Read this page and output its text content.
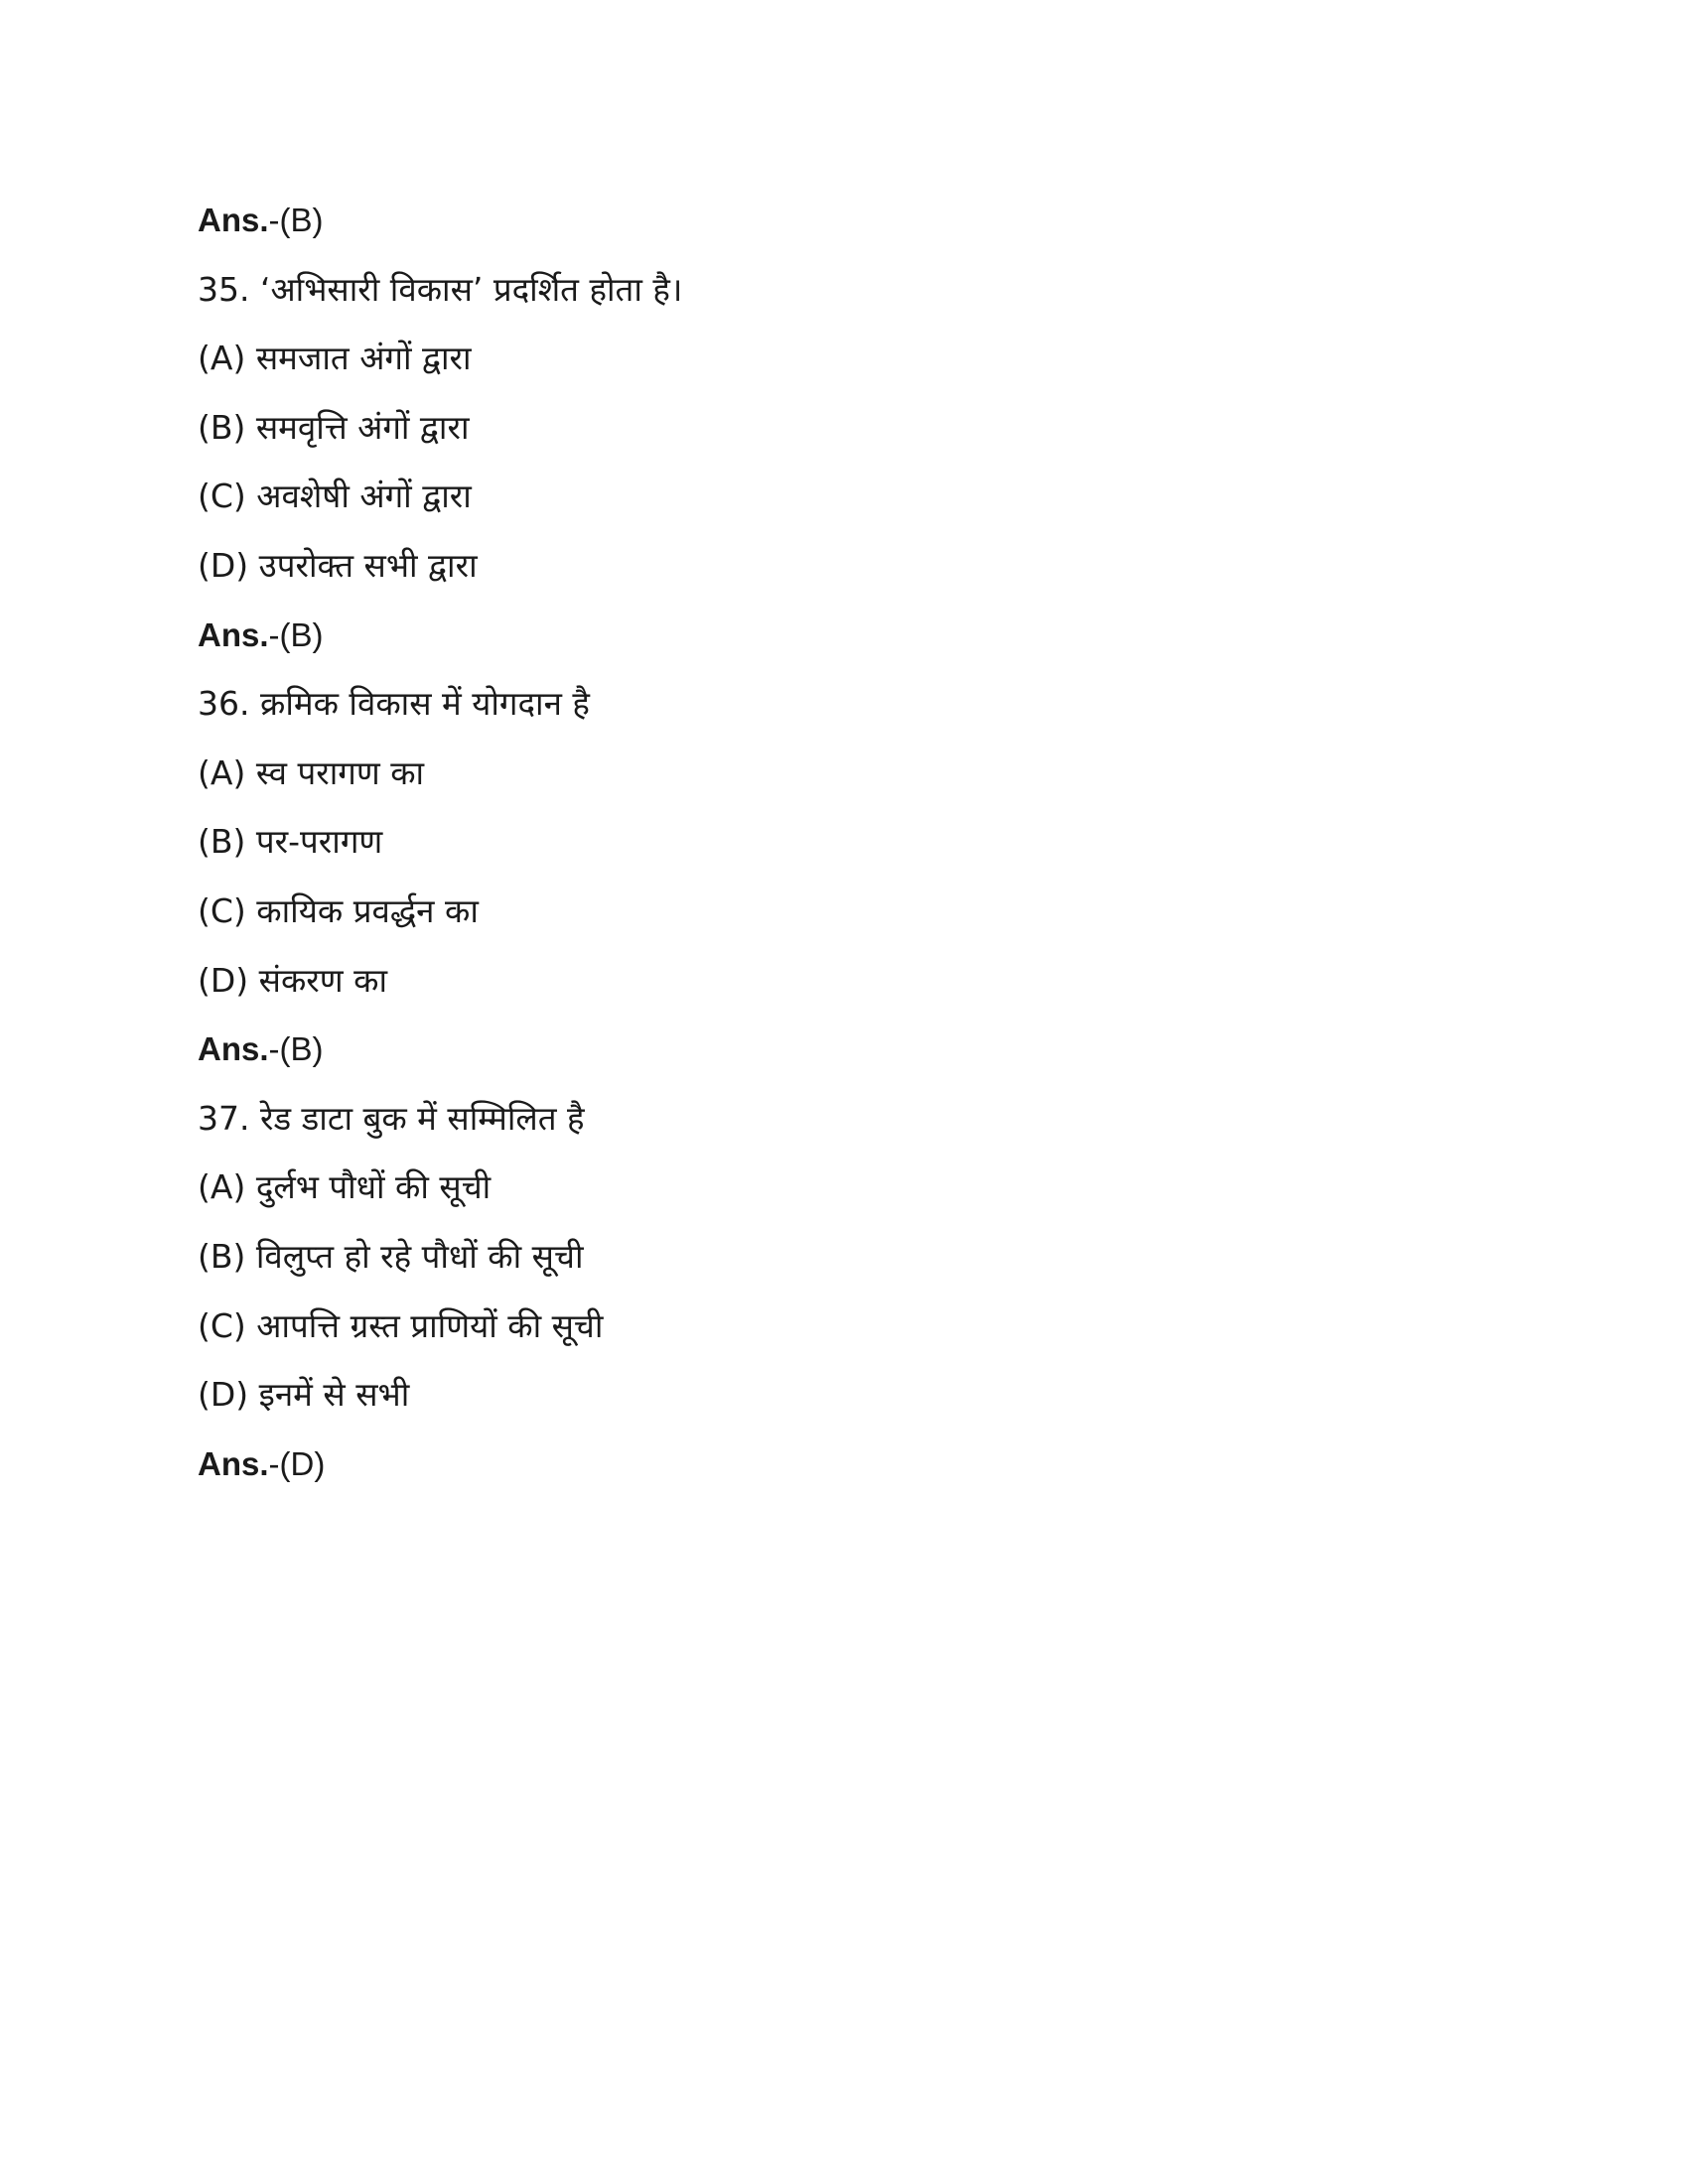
Ans.-(B)
35. ‘अभिसारी विकास’ प्रदर्शित होता है।
(A) समजात अंगों द्वारा
(B) समवृत्ति अंगों द्वारा
(C) अवशेषी अंगों द्वारा
(D) उपरोक्त सभी द्वारा
Ans.-(B)
36. क्रमिक विकास में योगदान है
(A) स्व परागण का
(B) पर-परागण
(C) कायिक प्रवर्द्धन का
(D) संकरण का
Ans.-(B)
37. रेड डाटा बुक में सम्मिलित है
(A) दुर्लभ पौधों की सूची
(B) विलुप्त हो रहे पौधों की सूची
(C) आपत्ति ग्रस्त प्राणियों की सूची
(D) इनमें से सभी
Ans.-(D)
